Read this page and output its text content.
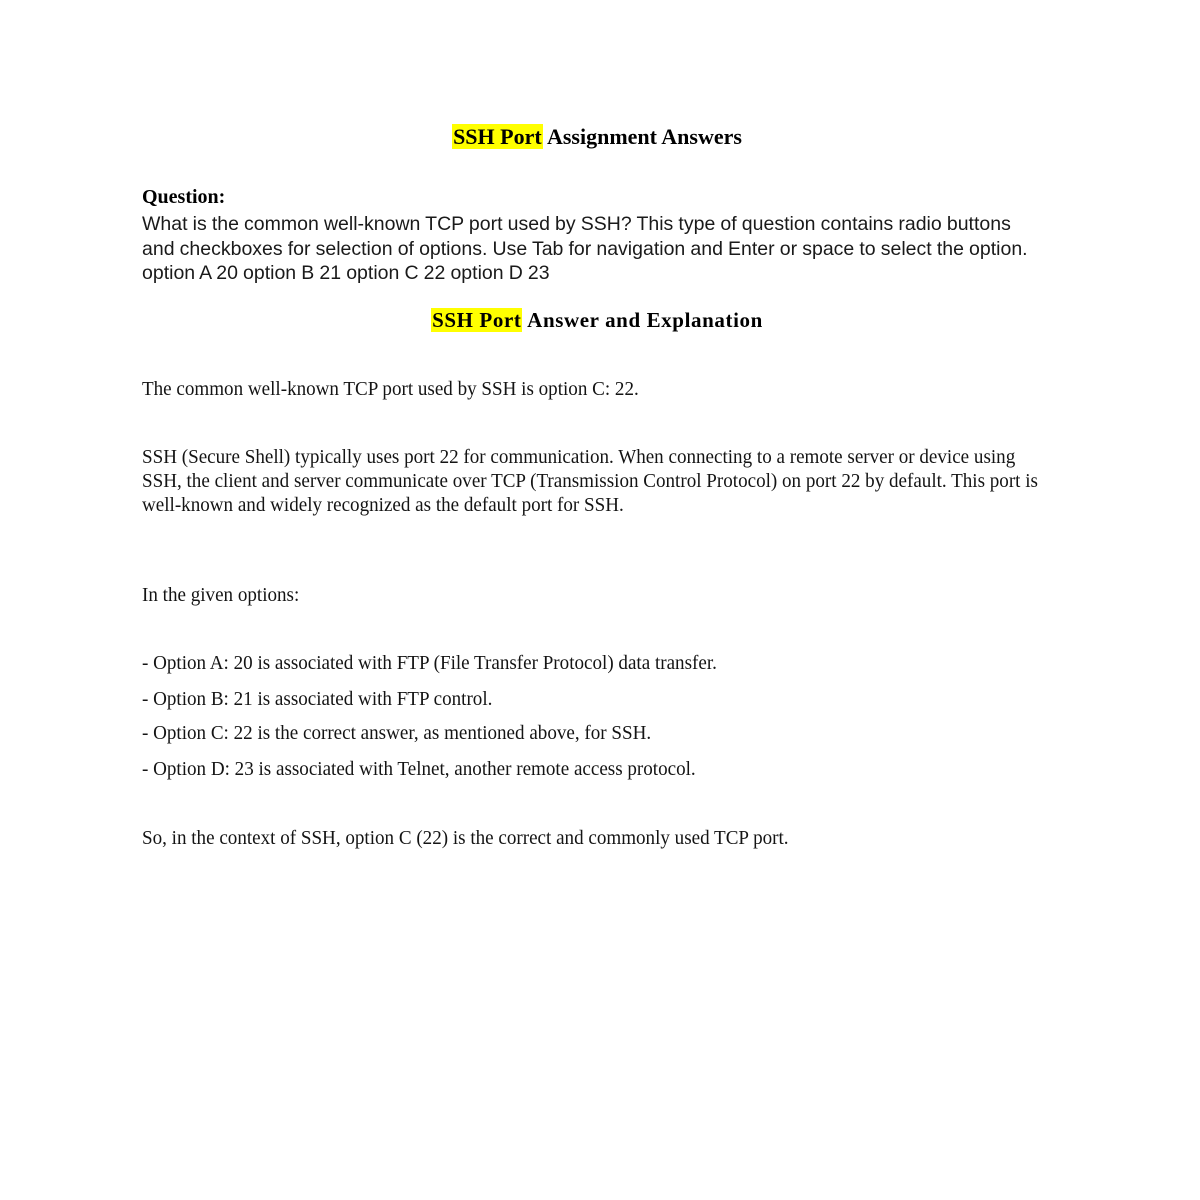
SSH Port Assignment Answers
Question:
What is the common well-known TCP port used by SSH? This type of question contains radio buttons and checkboxes for selection of options. Use Tab for navigation and Enter or space to select the option. option A 20 option B 21 option C 22 option D 23
SSH Port Answer and Explanation
The common well-known TCP port used by SSH is option C: 22.
SSH (Secure Shell) typically uses port 22 for communication. When connecting to a remote server or device using SSH, the client and server communicate over TCP (Transmission Control Protocol) on port 22 by default. This port is well-known and widely recognized as the default port for SSH.
In the given options:
- Option A: 20 is associated with FTP (File Transfer Protocol) data transfer.
- Option B: 21 is associated with FTP control.
- Option C: 22 is the correct answer, as mentioned above, for SSH.
- Option D: 23 is associated with Telnet, another remote access protocol.
So, in the context of SSH, option C (22) is the correct and commonly used TCP port.
